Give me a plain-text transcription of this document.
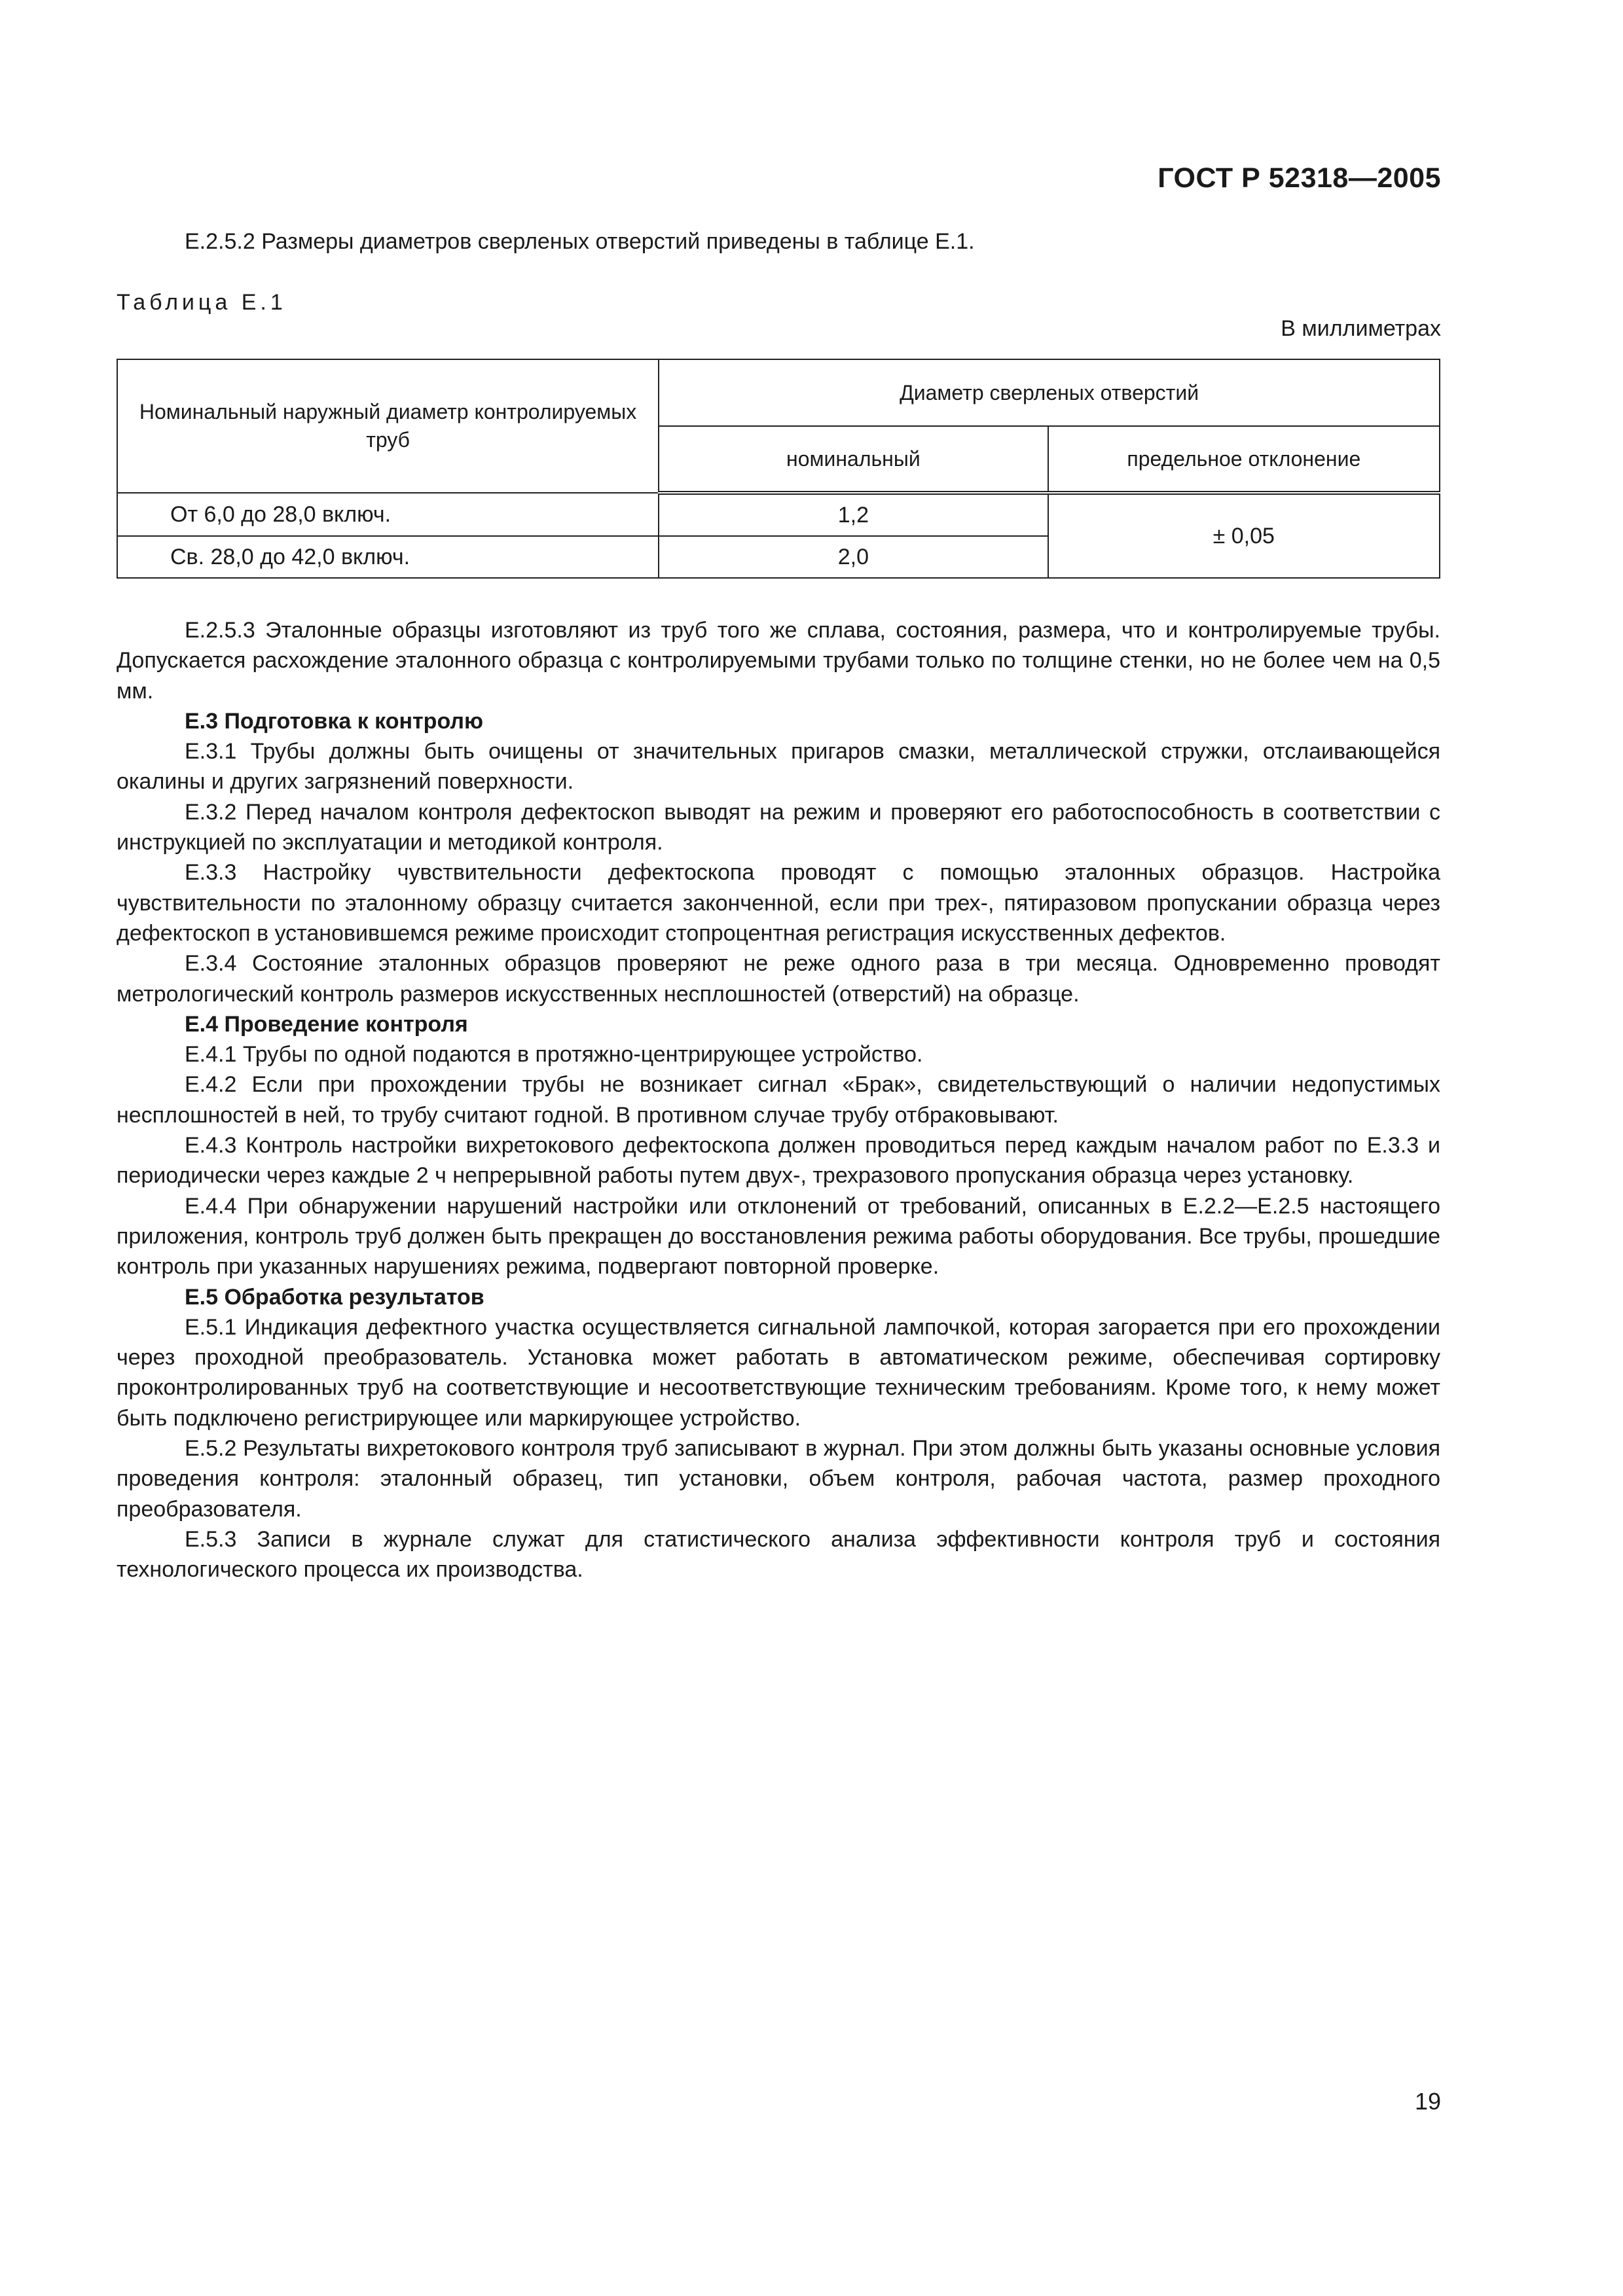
ГОСТ Р 52318—2005
Е.2.5.2 Размеры диаметров сверленых отверстий приведены в таблице Е.1.
Таблица Е.1
В миллиметрах
Номинальный наружный диаметр контролируемых труб	Диаметр сверленых отверстий	
	номинальный	предельное отклонение
От 6,0 до 28,0 включ.	1,2	± 0,05
Св. 28,0 до 42,0 включ.	2,0	

Е.2.5.3 Эталонные образцы изготовляют из труб того же сплава, состояния, размера, что и контролируемые трубы. Допускается расхождение эталонного образца с контролируемыми трубами только по толщине стенки, но не более чем на 0,5 мм.

Е.3 Подготовка к контролю

Е.3.1 Трубы должны быть очищены от значительных пригаров смазки, металлической стружки, отслаивающейся окалины и других загрязнений поверхности.

Е.3.2 Перед началом контроля дефектоскоп выводят на режим и проверяют его работоспособность в соответствии с инструкцией по эксплуатации и методикой контроля.

Е.3.3 Настройку чувствительности дефектоскопа проводят с помощью эталонных образцов. Настройка чувствительности по эталонному образцу считается законченной, если при трех-, пятиразовом пропускании образца через дефектоскоп в установившемся режиме происходит стопроцентная регистрация искусственных дефектов.

Е.3.4 Состояние эталонных образцов проверяют не реже одного раза в три месяца. Одновременно проводят метрологический контроль размеров искусственных несплошностей (отверстий) на образце.

Е.4 Проведение контроля

Е.4.1 Трубы по одной подаются в протяжно-центрирующее устройство.

Е.4.2 Если при прохождении трубы не возникает сигнал «Брак», свидетельствующий о наличии недопустимых несплошностей в ней, то трубу считают годной. В противном случае трубу отбраковывают.

Е.4.3 Контроль настройки вихретокового дефектоскопа должен проводиться перед каждым началом работ по Е.3.3 и периодически через каждые 2 ч непрерывной работы путем двух-, трехразового пропускания образца через установку.

Е.4.4 При обнаружении нарушений настройки или отклонений от требований, описанных в Е.2.2—Е.2.5 настоящего приложения, контроль труб должен быть прекращен до восстановления режима работы оборудования. Все трубы, прошедшие контроль при указанных нарушениях режима, подвергают повторной проверке.

Е.5 Обработка результатов

Е.5.1 Индикация дефектного участка осуществляется сигнальной лампочкой, которая загорается при его прохождении через проходной преобразователь. Установка может работать в автоматическом режиме, обеспечивая сортировку проконтролированных труб на соответствующие и несоответствующие техническим требованиям. Кроме того, к нему может быть подключено регистрирующее или маркирующее устройство.

Е.5.2 Результаты вихретокового контроля труб записывают в журнал. При этом должны быть указаны основные условия проведения контроля: эталонный образец, тип установки, объем контроля, рабочая частота, размер проходного преобразователя.

Е.5.3 Записи в журнале служат для статистического анализа эффективности контроля труб и состояния технологического процесса их производства.

19
